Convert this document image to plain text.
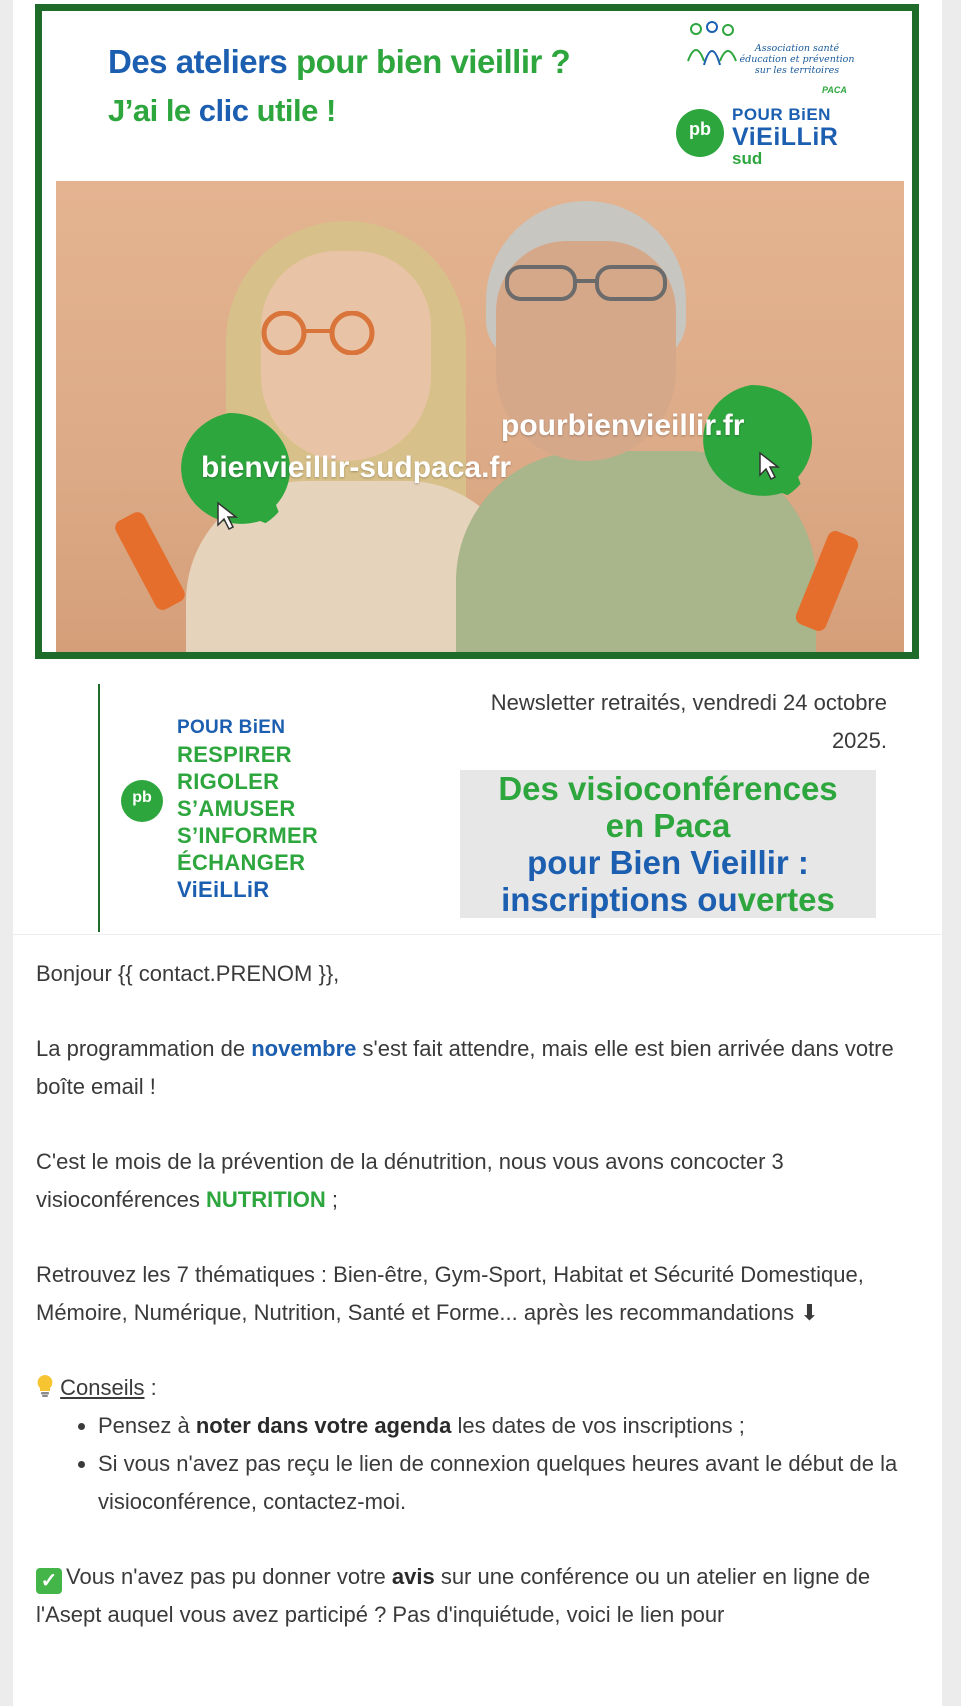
Des ateliers pour bien vieillir ?
J’ai le clic utile !
Association santé
éducation et prévention
sur les territoires
PACA
pb
POUR BiEN
ViEiLLiR
sud
bienvieillir-sudpaca.fr
pourbienvieillir.fr
pb
POUR BiEN
RESPIRER
RIGOLER
S’AMUSER
S’INFORMER
ÉCHANGER
ViEiLLiR
Newsletter retraités, vendredi 24 octobre 2025.
Des visioconférences
en Paca
pour Bien Vieillir :
inscriptions ouvertes

Bonjour {{ contact.PRENOM }},

La programmation de novembre s'est fait attendre, mais elle est bien arrivée dans votre boîte email !

C'est le mois de la prévention de la dénutrition, nous vous avons concocter 3 visioconférences NUTRITION ;

Retrouvez les 7 thématiques : Bien-être, Gym-Sport, Habitat et Sécurité Domestique, Mémoire, Numérique, Nutrition, Santé et Forme... après les recommandations ⬇

Conseils :
• Pensez à noter dans votre agenda les dates de vos inscriptions ;
• Si vous n'avez pas reçu le lien de connexion quelques heures avant le début de la visioconférence, contactez-moi.

✓ Vous n'avez pas pu donner votre avis sur une conférence ou un atelier en ligne de l'Asept auquel vous avez participé ? Pas d'inquiétude, voici le lien pour
